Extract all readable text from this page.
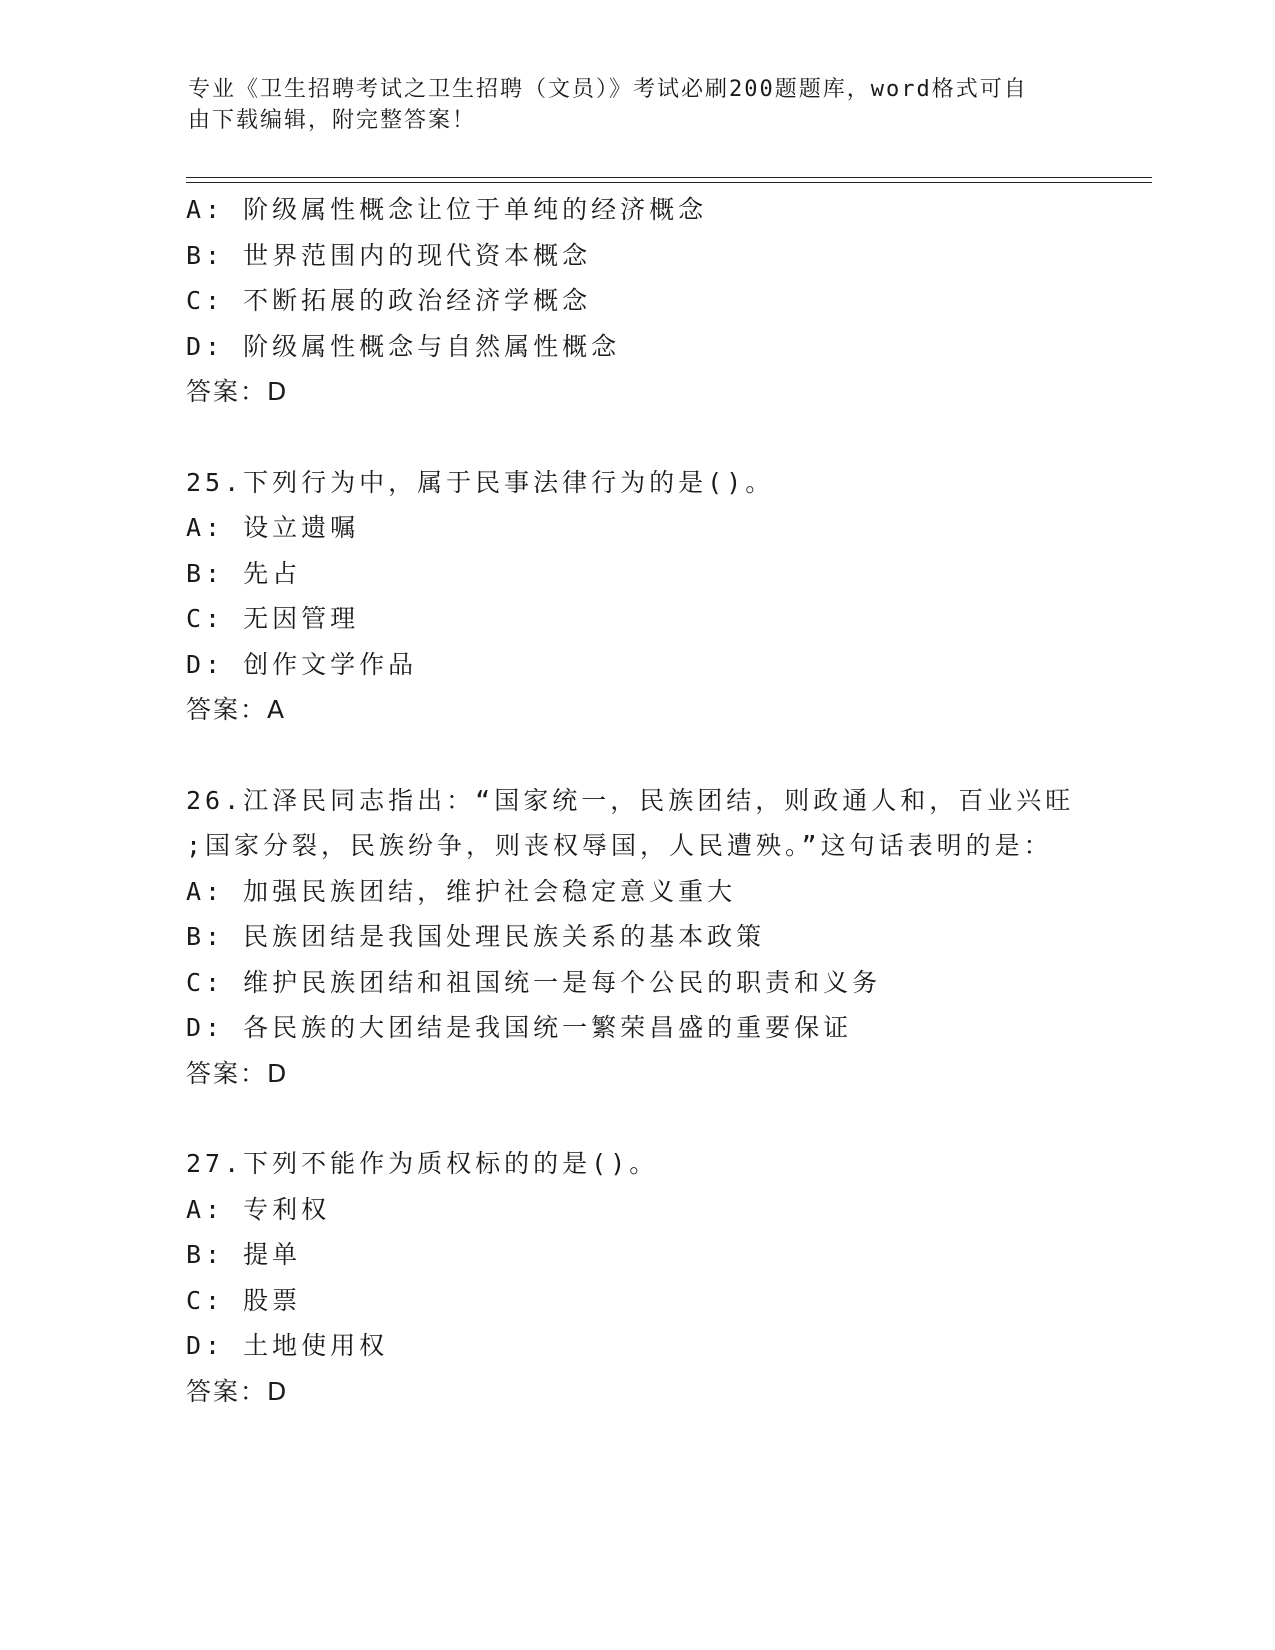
专业《卫生招聘考试之卫生招聘（文员）》考试必刷200题题库，word格式可自
由下载编辑，附完整答案！
A: 阶级属性概念让位于单纯的经济概念
B: 世界范围内的现代资本概念
C: 不断拓展的政治经济学概念
D: 阶级属性概念与自然属性概念
答案：D
25.下列行为中，属于民事法律行为的是()。
A: 设立遗嘱
B: 先占
C: 无因管理
D: 创作文学作品
答案：A
26.江泽民同志指出：“国家统一，民族团结，则政通人和，百业兴旺
;国家分裂，民族纷争，则丧权辱国，人民遭殃。”这句话表明的是：
A: 加强民族团结，维护社会稳定意义重大
B: 民族团结是我国处理民族关系的基本政策
C: 维护民族团结和祖国统一是每个公民的职责和义务
D: 各民族的大团结是我国统一繁荣昌盛的重要保证
答案：D
27.下列不能作为质权标的的是()。
A: 专利权
B: 提单
C: 股票
D: 土地使用权
答案：D
